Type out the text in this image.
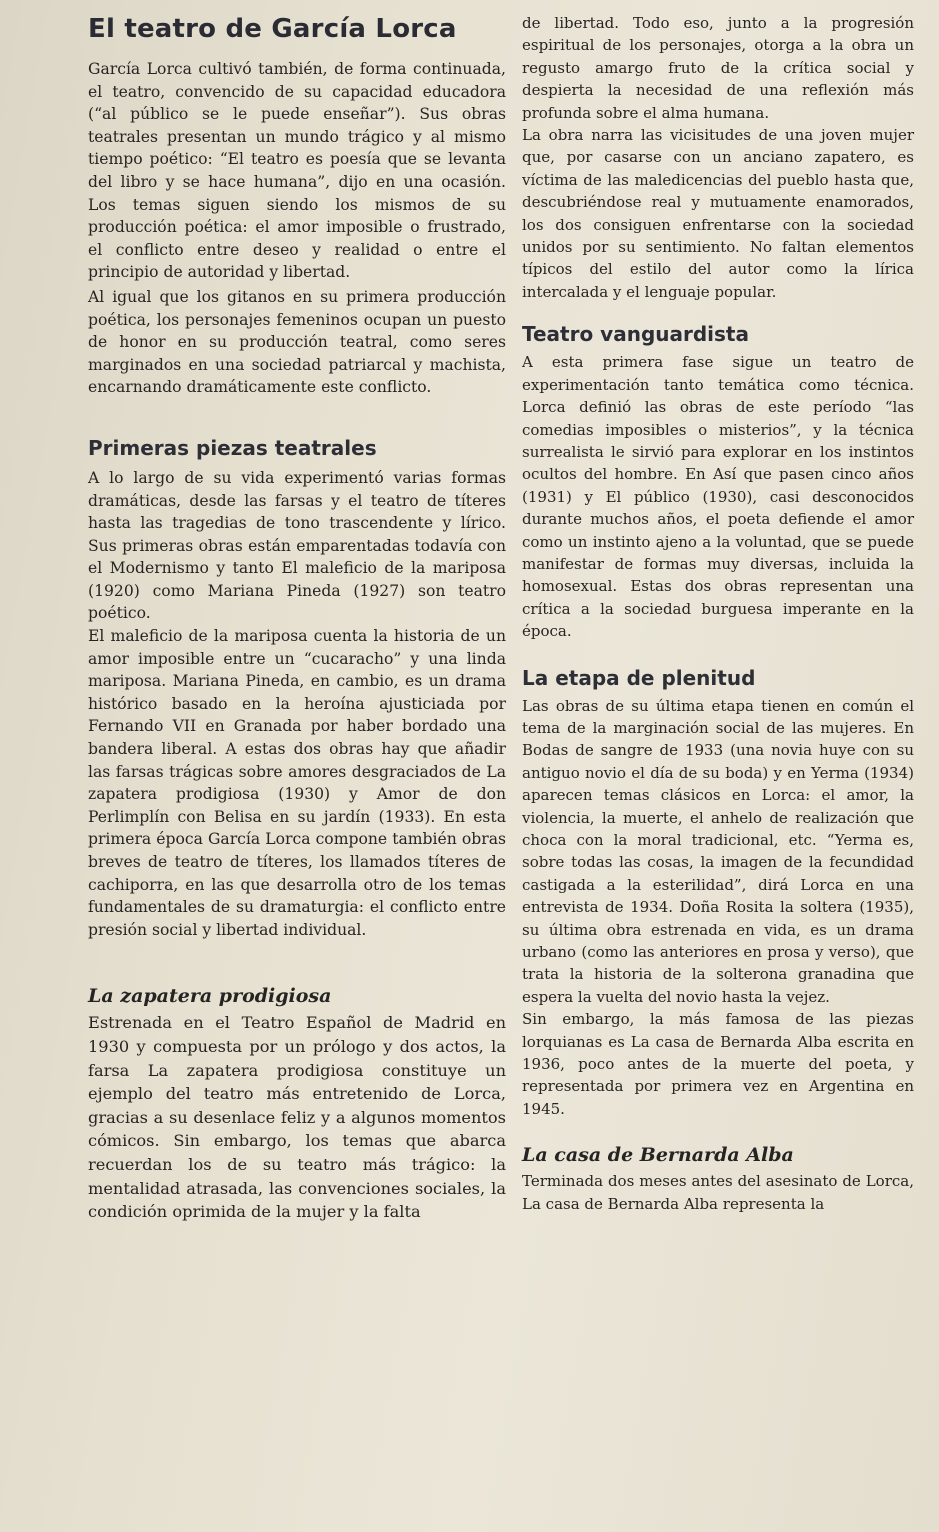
El teatro de García Lorca

García Lorca cultivó también, de forma continuada, el teatro, convencido de su capacidad educadora (“al público se le puede enseñar”). Sus obras teatrales presentan un mundo trágico y al mismo tiempo poético: “El teatro es poesía que se levanta del libro y se hace humana”, dijo en una ocasión. Los temas siguen siendo los mismos de su producción poética: el amor imposible o frustrado, el conflicto entre deseo y realidad o entre el principio de autoridad y libertad.

Al igual que los gitanos en su primera producción poética, los personajes femeninos ocupan un puesto de honor en su producción teatral, como seres marginados en una sociedad patriarcal y machista, encarnando dramáticamente este conflicto.

Primeras piezas teatrales

A lo largo de su vida experimentó varias formas dramáticas, desde las farsas y el teatro de títeres hasta las tragedias de tono trascendente y lírico. Sus primeras obras están emparentadas todavía con el Modernismo y tanto El maleficio de la mariposa (1920) como Mariana Pineda (1927) son teatro poético.

El maleficio de la mariposa cuenta la historia de un amor imposible entre un “cucaracho” y una linda mariposa. Mariana Pineda, en cambio, es un drama histórico basado en la heroína ajusticiada por Fernando VII en Granada por haber bordado una bandera liberal. A estas dos obras hay que añadir las farsas trágicas sobre amores desgraciados de La zapatera prodigiosa (1930) y Amor de don Perlimplín con Belisa en su jardín (1933). En esta primera época García Lorca compone también obras breves de teatro de títeres, los llamados títeres de cachiporra, en las que desarrolla otro de los temas fundamentales de su dramaturgia: el conflicto entre presión social y libertad individual.

La zapatera prodigiosa

Estrenada en el Teatro Español de Madrid en 1930 y compuesta por un prólogo y dos actos, la farsa La zapatera prodigiosa constituye un ejemplo del teatro más entretenido de Lorca, gracias a su desenlace feliz y a algunos momentos cómicos. Sin embargo, los temas que abarca recuerdan los de su teatro más trágico: la mentalidad atrasada, las convenciones sociales, la condición oprimida de la mujer y la falta

de libertad. Todo eso, junto a la progresión espiritual de los personajes, otorga a la obra un regusto amargo fruto de la crítica social y despierta la necesidad de una reflexión más profunda sobre el alma humana.

La obra narra las vicisitudes de una joven mujer que, por casarse con un anciano zapatero, es víctima de las maledicencias del pueblo hasta que, descubriéndose real y mutuamente enamorados, los dos consiguen enfrentarse con la sociedad unidos por su sentimiento. No faltan elementos típicos del estilo del autor como la lírica intercalada y el lenguaje popular.

Teatro vanguardista

A esta primera fase sigue un teatro de experimentación tanto temática como técnica. Lorca definió las obras de este período “las comedias imposibles o misterios”, y la técnica surrealista le sirvió para explorar en los instintos ocultos del hombre. En Así que pasen cinco años (1931) y El público (1930), casi desconocidos durante muchos años, el poeta defiende el amor como un instinto ajeno a la voluntad, que se puede manifestar de formas muy diversas, incluida la homosexual. Estas dos obras representan una crítica a la sociedad burguesa imperante en la época.

La etapa de plenitud

Las obras de su última etapa tienen en común el tema de la marginación social de las mujeres. En Bodas de sangre de 1933 (una novia huye con su antiguo novio el día de su boda) y en Yerma (1934) aparecen temas clásicos en Lorca: el amor, la violencia, la muerte, el anhelo de realización que choca con la moral tradicional, etc. “Yerma es, sobre todas las cosas, la imagen de la fecundidad castigada a la esterilidad”, dirá Lorca en una entrevista de 1934. Doña Rosita la soltera (1935), su última obra estrenada en vida, es un drama urbano (como las anteriores en prosa y verso), que trata la historia de la solterona granadina que espera la vuelta del novio hasta la vejez.

Sin embargo, la más famosa de las piezas lorquianas es La casa de Bernarda Alba escrita en 1936, poco antes de la muerte del poeta, y representada por primera vez en Argentina en 1945.

La casa de Bernarda Alba

Terminada dos meses antes del asesinato de Lorca, La casa de Bernarda Alba representa la
